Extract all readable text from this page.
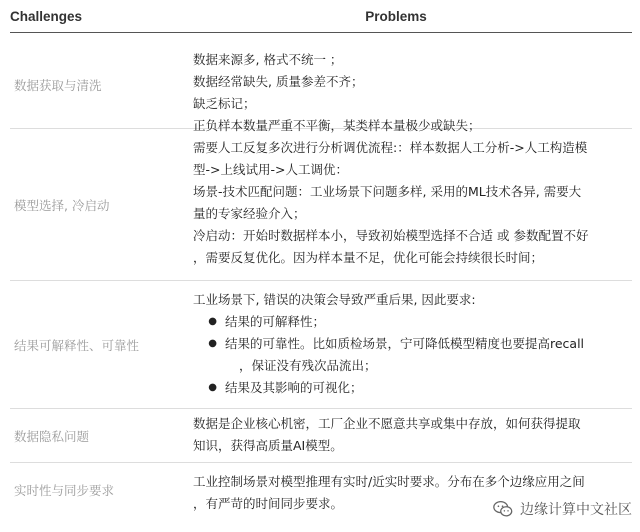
Challenges	Problems
数据获取与清洗
数据来源多, 格式不统一 ；
数据经常缺失, 质量参差不齐；
缺乏标记；
正负样本数量严重不平衡，某类样本量极少或缺失；
模型选择, 冷启动
需要人工反复多次进行分析调优流程:：样本数据人工分析->人工构造模
型->上线试用->人工调优：
场景-技术匹配问题：工业场景下问题多样, 采用的ML技术各异, 需要大
量的专家经验介入；
冷启动：开始时数据样本小，导致初始模型选择不合适 或 参数配置不好
，需要反复优化。因为样本量不足，优化可能会持续很长时间；
结果可解释性、可靠性
工业场景下, 错误的决策会导致严重后果, 因此要求:
● 结果的可解释性；
● 结果的可靠性。比如质检场景，宁可降低模型精度也要提高recall
，保证没有残次品流出；
● 结果及其影响的可视化；
数据隐私问题
数据是企业核心机密，工厂企业不愿意共享或集中存放，如何获得提取
知识，获得高质量AI模型。
实时性与同步要求
工业控制场景对模型推理有实时/近实时要求。分布在多个边缘应用之间
，有严苛的时间同步要求。	边缘计算中文社区
